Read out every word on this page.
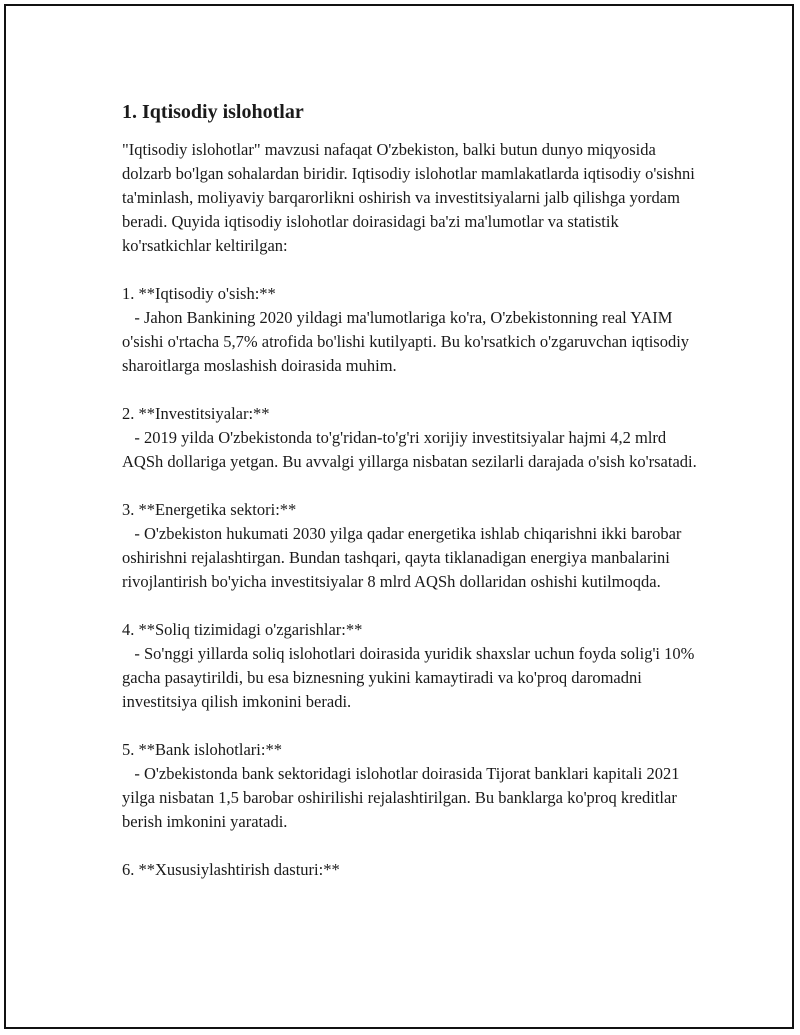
1. Iqtisodiy islohotlar

"Iqtisodiy islohotlar" mavzusi nafaqat O'zbekiston, balki butun dunyo miqyosida dolzarb bo'lgan sohalardan biridir. Iqtisodiy islohotlar mamlakatlarda iqtisodiy o'sishni ta'minlash, moliyaviy barqarorlikni oshirish va investitsiyalarni jalb qilishga yordam beradi. Quyida iqtisodiy islohotlar doirasidagi ba'zi ma'lumotlar va statistik ko'rsatkichlar keltirilgan:

1. **Iqtisodiy o'sish:**

- Jahon Bankining 2020 yildagi ma'lumotlariga ko'ra, O'zbekistonning real YAIM o'sishi o'rtacha 5,7% atrofida bo'lishi kutilyapti. Bu ko'rsatkich o'zgaruvchan iqtisodiy sharoitlarga moslashish doirasida muhim.

2. **Investitsiyalar:**

- 2019 yilda O'zbekistonda to'g'ridan-to'g'ri xorijiy investitsiyalar hajmi 4,2 mlrd AQSh dollariga yetgan. Bu avvalgi yillarga nisbatan sezilarli darajada o'sish ko'rsatadi.

3. **Energetika sektori:**

- O'zbekiston hukumati 2030 yilga qadar energetika ishlab chiqarishni ikki barobar oshirishni rejalashtirgan. Bundan tashqari, qayta tiklanadigan energiya manbalarini rivojlantirish bo'yicha investitsiyalar 8 mlrd AQSh dollaridan oshishi kutilmoqda.

4. **Soliq tizimidagi o'zgarishlar:**

- So'nggi yillarda soliq islohotlari doirasida yuridik shaxslar uchun foyda solig'i 10% gacha pasaytirildi, bu esa biznesning yukini kamaytiradi va ko'proq daromadni investitsiya qilish imkonini beradi.

5. **Bank islohotlari:**

- O'zbekistonda bank sektoridagi islohotlar doirasida Tijorat banklari kapitali 2021 yilga nisbatan 1,5 barobar oshirilishi rejalashtirilgan. Bu banklarga ko'proq kreditlar berish imkonini yaratadi.

6. **Xususiylashtirish dasturi:**
